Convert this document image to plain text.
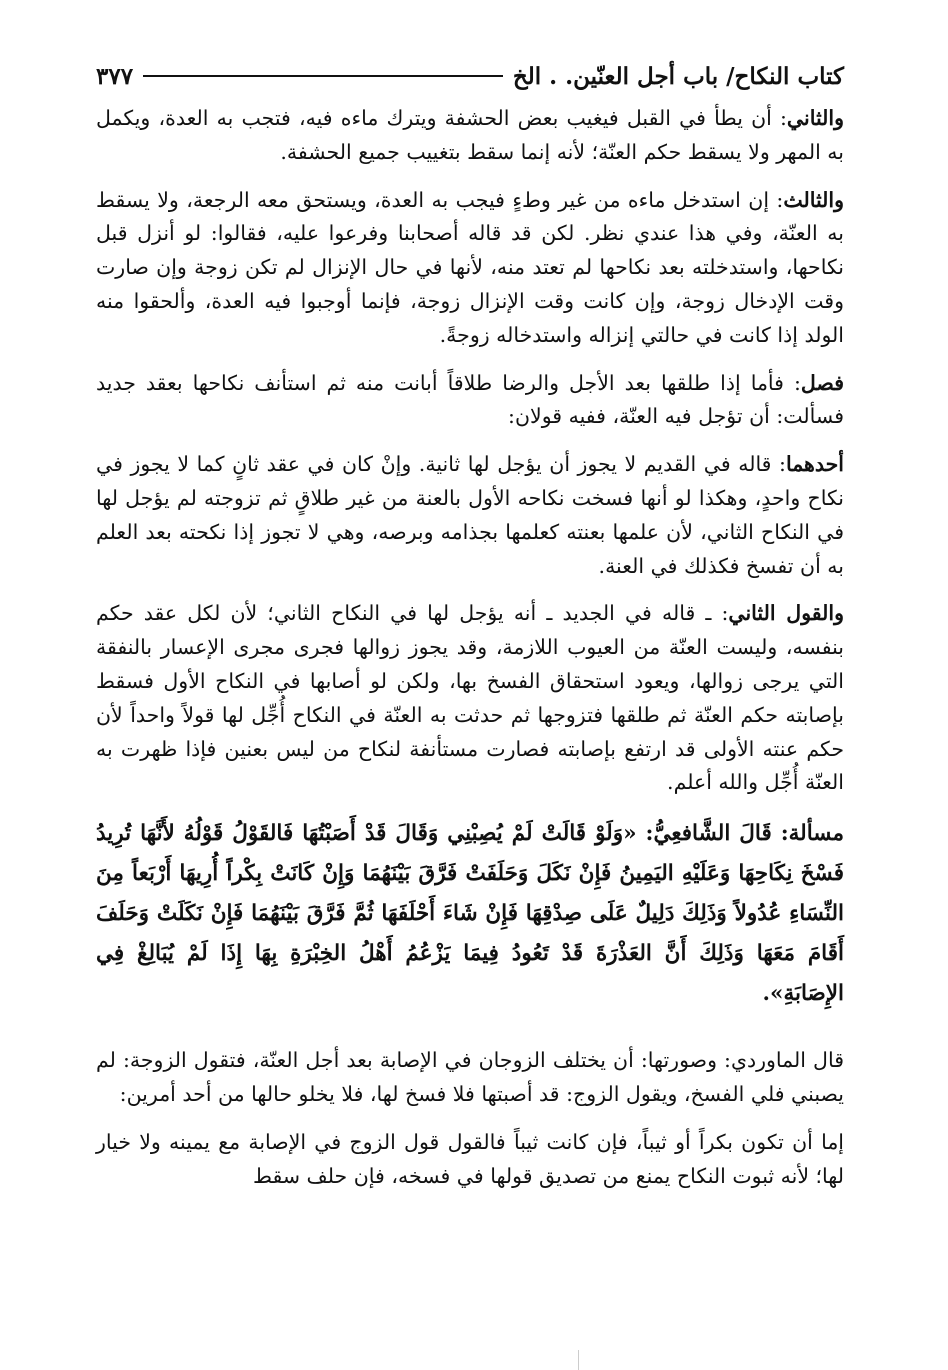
كتاب النكاح/ باب أجل العنّين. . الخ
٣٧٧

والثاني: أن يطأ في القبل فيغيب بعض الحشفة ويترك ماءه فيه، فتجب به العدة، ويكمل به المهر ولا يسقط حكم العنّة؛ لأنه إنما سقط بتغييب جميع الحشفة.

والثالث: إن استدخل ماءه من غير وطءٍ فيجب به العدة، ويستحق معه الرجعة، ولا يسقط به العنّة، وفي هذا عندي نظر. لكن قد قاله أصحابنا وفرعوا عليه، فقالوا: لو أنزل قبل نكاحها، واستدخلته بعد نكاحها لم تعتد منه، لأنها في حال الإنزال لم تكن زوجة وإن صارت وقت الإدخال زوجة، وإن كانت وقت الإنزال زوجة، فإنما أوجبوا فيه العدة، وألحقوا منه الولد إذا كانت في حالتي إنزاله واستدخاله زوجةً.

فصل: فأما إذا طلقها بعد الأجل والرضا طلاقاً أبانت منه ثم استأنف نكاحها بعقد جديد فسألت: أن تؤجل فيه العنّة، ففيه قولان:

أحدهما: قاله في القديم لا يجوز أن يؤجل لها ثانية. وإنْ كان في عقد ثانٍ كما لا يجوز في نكاح واحدٍ، وهكذا لو أنها فسخت نكاحه الأول بالعنة من غير طلاقٍ ثم تزوجته لم يؤجل لها في النكاح الثاني، لأن علمها بعنته كعلمها بجذامه وبرصه، وهي لا تجوز إذا نكحته بعد العلم به أن تفسخ فكذلك في العنة.

والقول الثاني: ـ قاله في الجديد ـ أنه يؤجل لها في النكاح الثاني؛ لأن لكل عقد حكم بنفسه، وليست العنّة من العيوب اللازمة، وقد يجوز زوالها فجرى مجرى الإعسار بالنفقة التي يرجى زوالها، ويعود استحقاق الفسخ بها، ولكن لو أصابها في النكاح الأول فسقط بإصابته حكم العنّة ثم طلقها فتزوجها ثم حدثت به العنّة في النكاح أُجِّل لها قولاً واحداً لأن حكم عنته الأولى قد ارتفع بإصابته فصارت مستأنفة لنكاح من ليس بعنين فإذا ظهرت به العنّة أُجِّل والله أعلم.

مسألة: قَالَ الشَّافعِيُّ: «وَلَوْ قَالَتْ لَمْ يُصِبْنِي وَقَالَ قَدْ أَصَبْتُهَا فَالقَوْلُ قَوْلُهُ لأَنَّهَا تُرِيدُ فَسْخَ نِكَاحِهَا وَعَلَيْهِ اليَمِينُ فَإِنْ نَكَلَ وَحَلَفَتْ فَرَّقَ بَيْنَهُمَا وَإِنْ كَانَتْ بِكْراً أُرِيهَا أَرْبَعاً مِنَ النِّسَاءِ عُدُولاً وَذَلِكَ دَلِيلٌ عَلَى صِدْقِهَا فَإِنْ شَاءَ أَحْلَفَهَا ثُمَّ فَرَّقَ بَيْنَهُمَا فَإِنْ نَكَلَتْ وَحَلَفَ أَقَامَ مَعَهَا وَذَلِكَ أَنَّ العَذْرَةَ قَدْ تَعُودُ فِيمَا يَزْعُمُ أَهْلُ الخِبْرَةِ بِهَا إِذَا لَمْ يُبَالِغْ فِي الإِصَابَةِ».

قال الماوردي: وصورتها: أن يختلف الزوجان في الإصابة بعد أجل العنّة، فتقول الزوجة: لم يصبني فلي الفسخ، ويقول الزوج: قد أصبتها فلا فسخ لها، فلا يخلو حالها من أحد أمرين:

إما أن تكون بكراً أو ثيباً، فإن كانت ثيباً فالقول قول الزوج في الإصابة مع يمينه ولا خيار لها؛ لأنه ثبوت النكاح يمنع من تصديق قولها في فسخه، فإن حلف سقط
